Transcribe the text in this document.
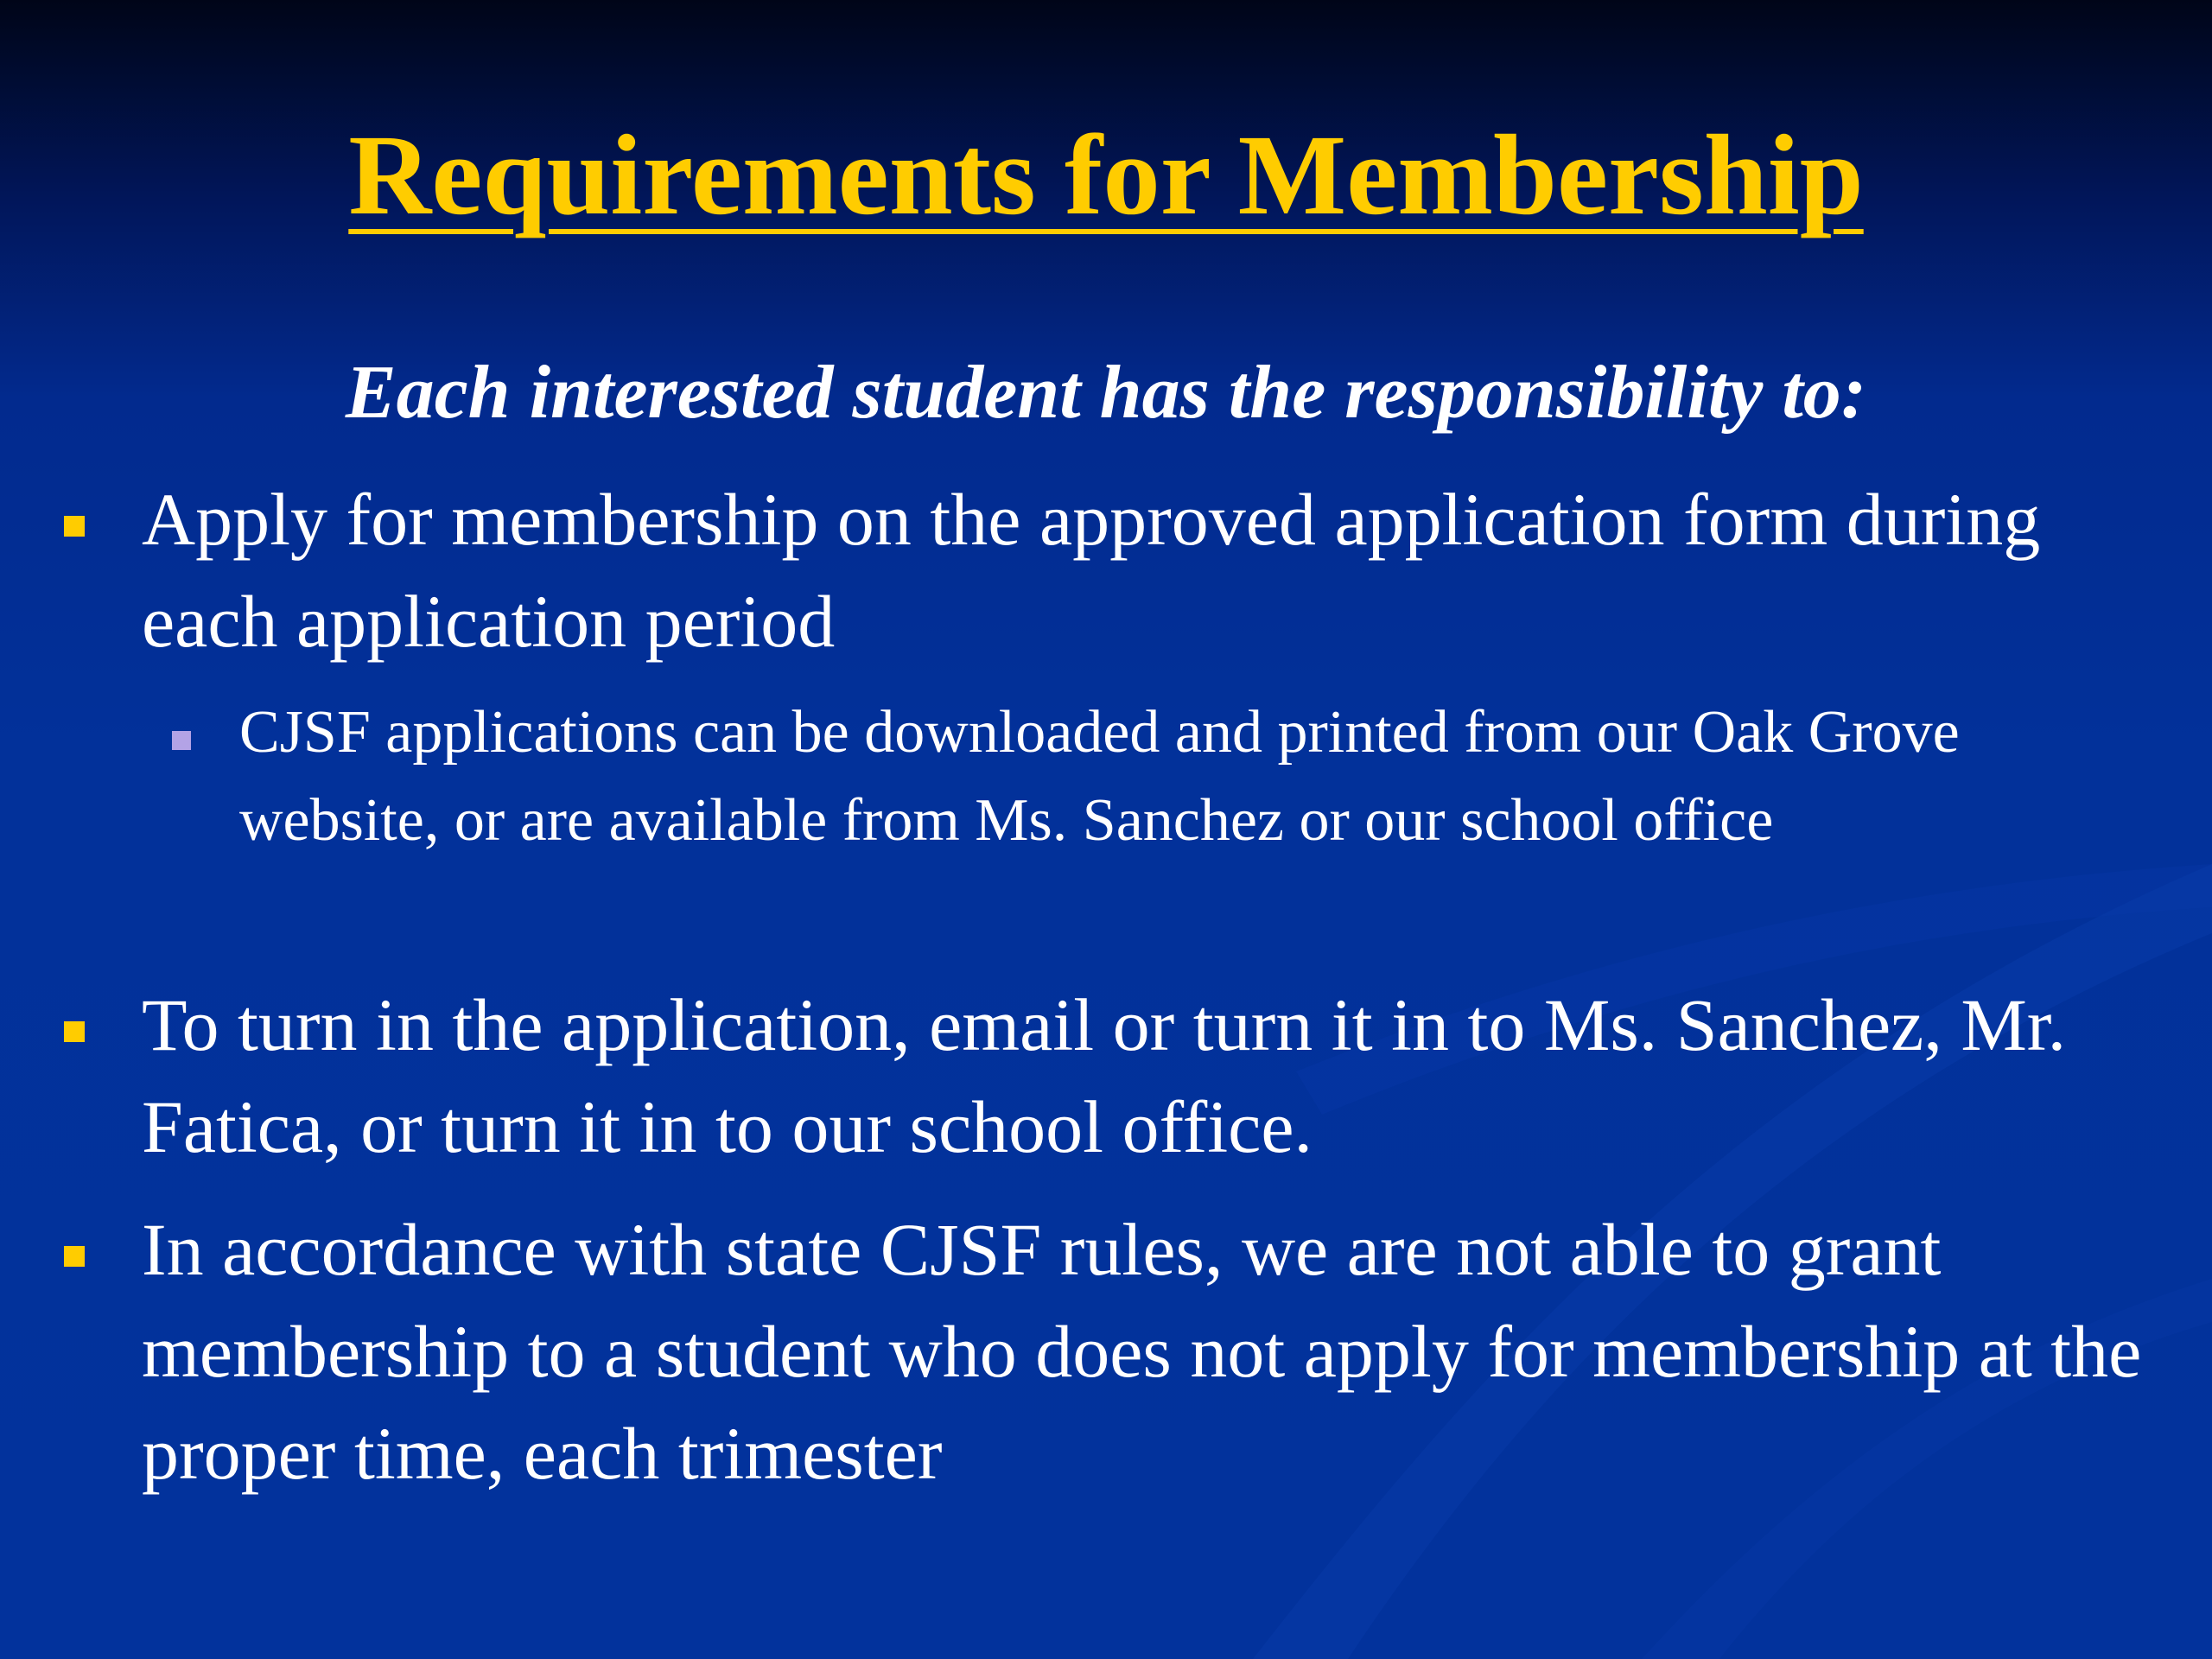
Requirements for Membership
Each interested student has the responsibility to:
Apply for membership on the approved application form during each application period
CJSF applications can be downloaded and printed from our Oak Grove website, or are available from Ms. Sanchez or our school office
To turn in the application, email or turn it in to Ms. Sanchez, Mr. Fatica, or turn it in to our school office.
In accordance with state CJSF rules, we are not able to grant membership to a student who does not apply for membership at the proper time, each trimester
